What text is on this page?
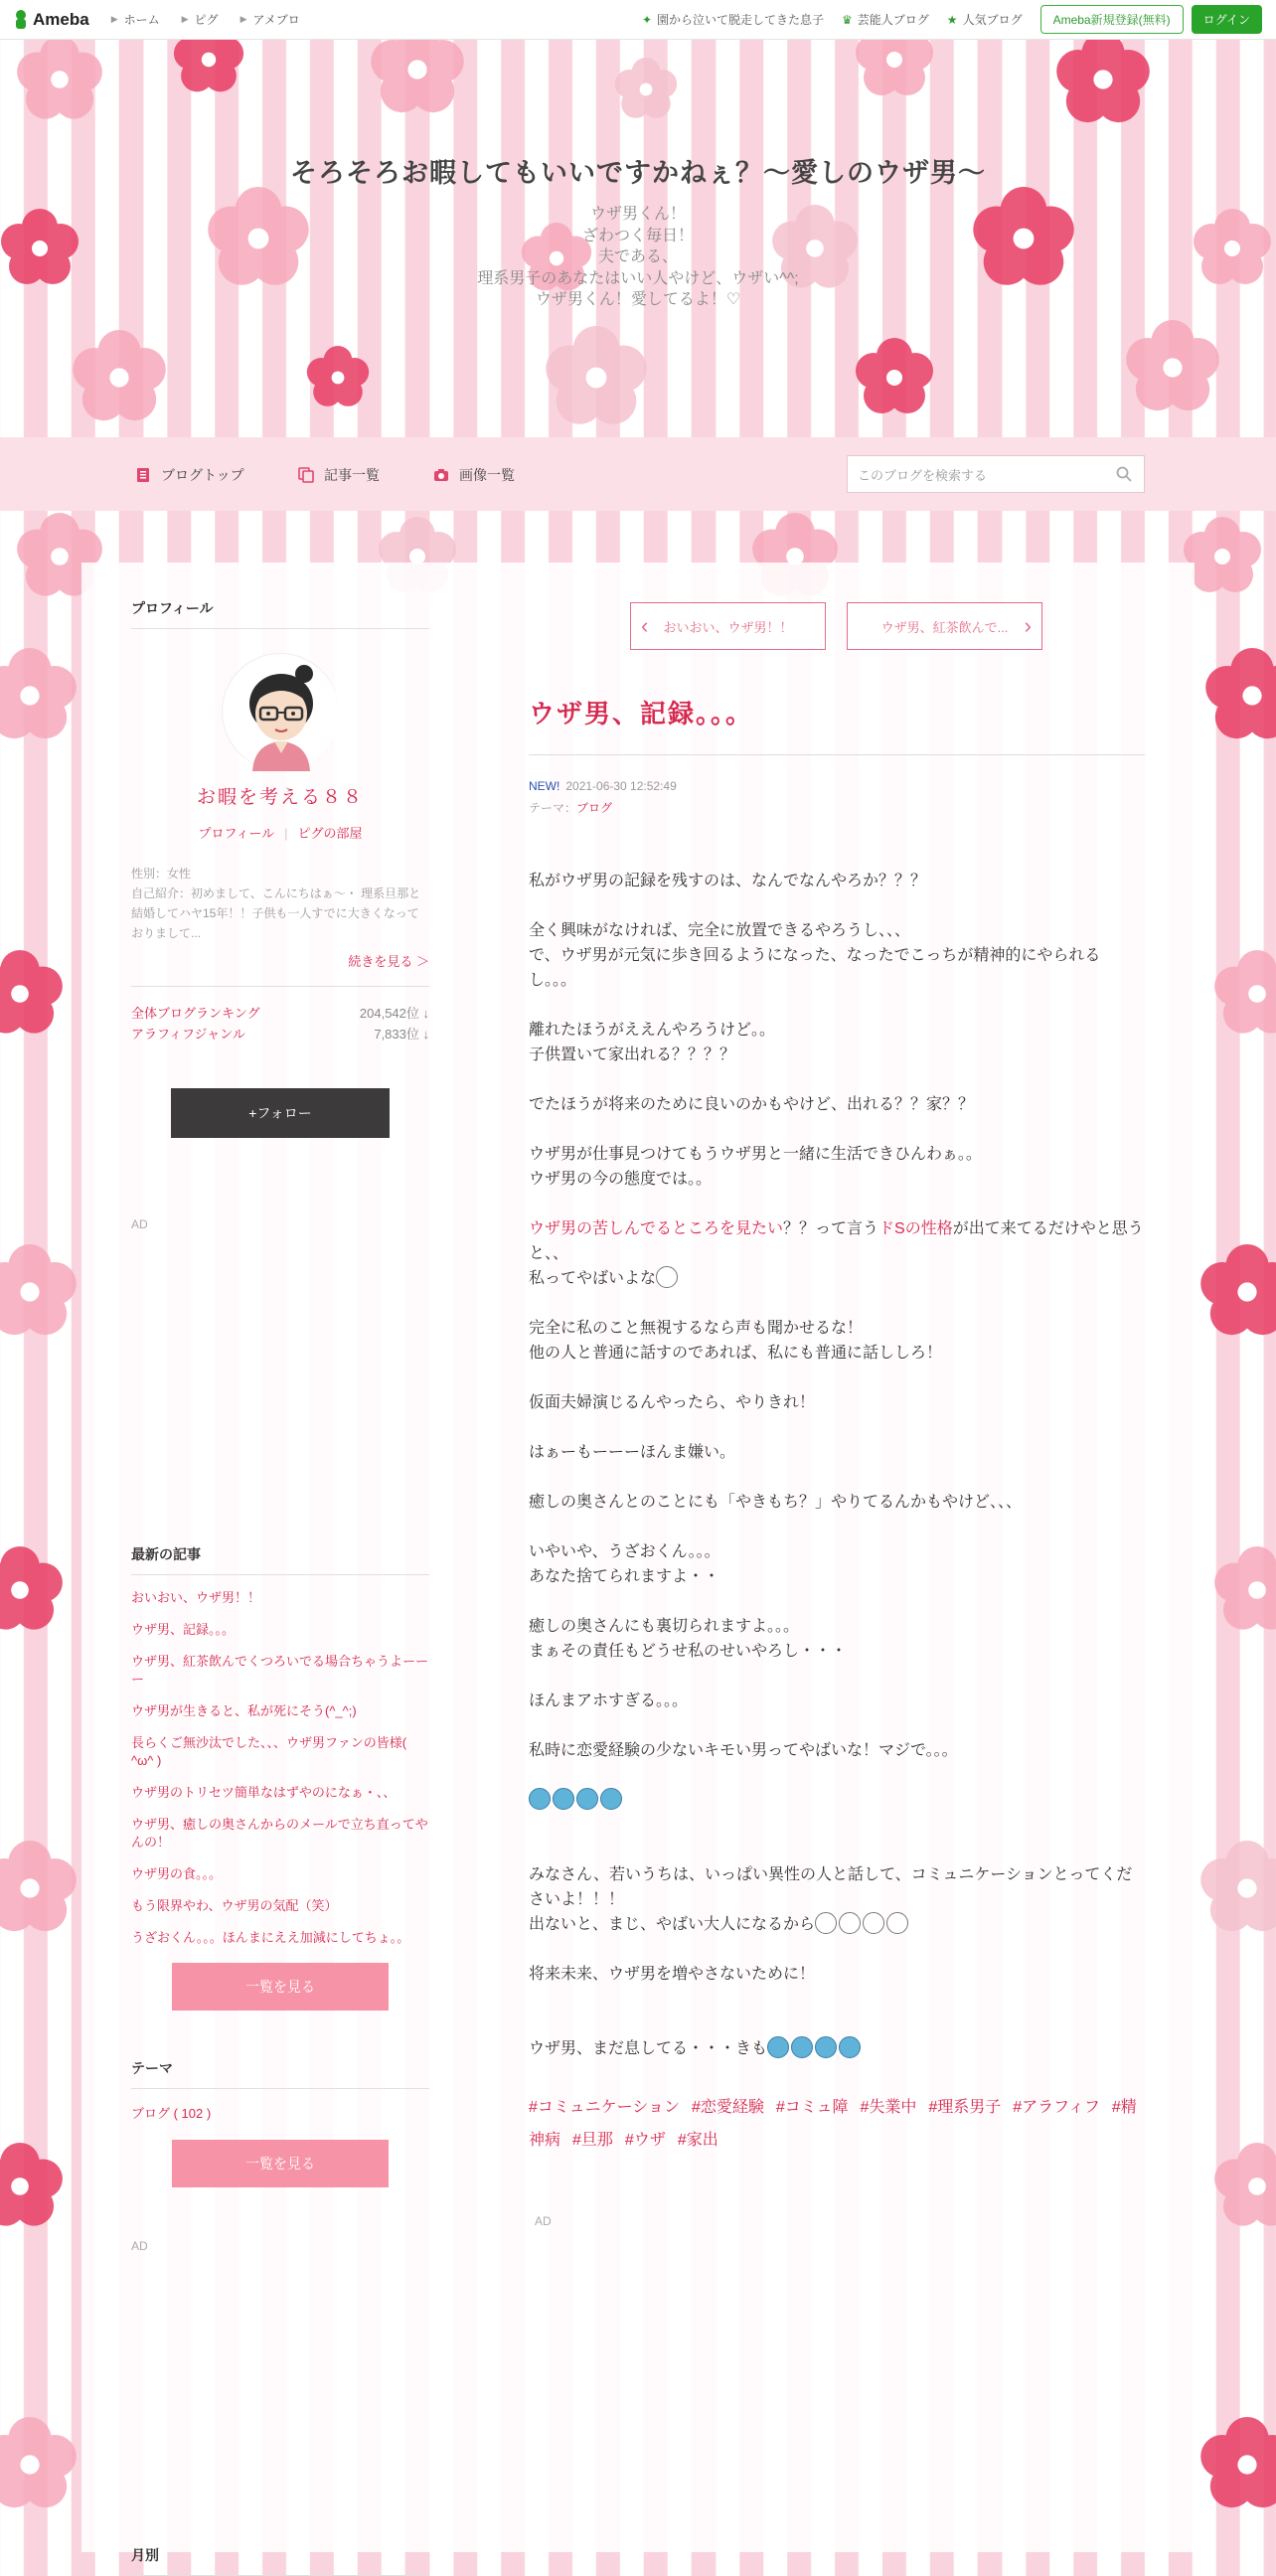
Ameba ▶ ホーム ▶ ピグ ▶ アメブロ	✦ 園から泣いて脱走してきた息子 ♛ 芸能人ブログ ★ 人気ブログ	Ameba新規登録(無料)	ログイン
そろそろお暇してもいいですかねぇ？〜愛しのウザ男〜
ウザ男くん！
ざわつく毎日！
夫である、
理系男子のあなたはいい人やけど、ウザい^^;
ウザ男くん！愛してるよ！♡
ブログトップ	記事一覧	画像一覧	このブログを検索する
プロフィール
お暇を考える８８
プロフィール | ピグの部屋
性別：女性
自己紹介：初めまして、こんにちはぁ〜・ 理系旦那と結婚してハヤ15年！！子供も一人すでに大きくなっておりまして...
続きを見る ＞
全体ブログランキング	204,542位 ↓
アラフィフジャンル	7,833位 ↓
+フォロー
AD
最新の記事
おいおい、ウザ男！！
ウザ男、記録。。。
ウザ男、紅茶飲んでくつろいでる場合ちゃうよーーー
ウザ男が生きると、私が死にそう(^_^;)
長らくご無沙汰でした、、、ウザ男ファンの皆様( ^ω^ )
ウザ男のトリセツ簡単なはずやのになぁ・、、
ウザ男、癒しの奥さんからのメールで立ち直ってやんの！
ウザ男の食。。。
もう限界やわ、ウザ男の気配（笑）
うざおくん。。。ほんまにええ加減にしてちょ。。
一覧を見る
テーマ
ブログ ( 102 )
一覧を見る
AD
月別
‹ おいおい、ウザ男！！	ウザ男、紅茶飲んで... ›
ウザ男、記録。。。
NEW! 2021-06-30 12:52:49
テーマ：ブログ

私がウザ男の記録を残すのは、なんでなんやろか？？？

全く興味がなければ、完全に放置できるやろうし、、、
で、ウザ男が元気に歩き回るようになった、なったでこっちが精神的にやられるし。。。

離れたほうがええんやろうけど。。
子供置いて家出れる？？？？

でたほうが将来のために良いのかもやけど、出れる？？家？？

ウザ男が仕事見つけてもうウザ男と一緒に生活できひんわぁ。。
ウザ男の今の態度では。。

ウザ男の苦しんでるところを見たい？？って言うドSの性格が出て来てるだけやと思うと、、
私ってやばいよな

完全に私のこと無視するなら声も聞かせるな！
他の人と普通に話すのであれば、私にも普通に話ししろ！

仮面夫婦演じるんやったら、やりきれ！

はぁーもーーーほんま嫌い。

癒しの奥さんとのことにも「やきもち？」やりてるんかもやけど、、、

いやいや、うざおくん。。。
あなた捨てられますよ・・

癒しの奥さんにも裏切られますよ。。。
まぁその責任もどうせ私のせいやろし・・・

ほんまアホすぎる。。。

私時に恋愛経験の少ないキモい男ってやばいな！マジで。。。

みなさん、若いうちは、いっぱい異性の人と話して、コミュニケーションとってくださいよ！！！
出ないと、まじ、やばい大人になるから

将来未来、ウザ男を増やさないために！

ウザ男、まだ息してる・・・きも

#コミュニケーション #恋愛経験 #コミュ障 #失業中 #理系男子 #アラフィフ #精神病 #旦那 #ウザ #家出
AD
